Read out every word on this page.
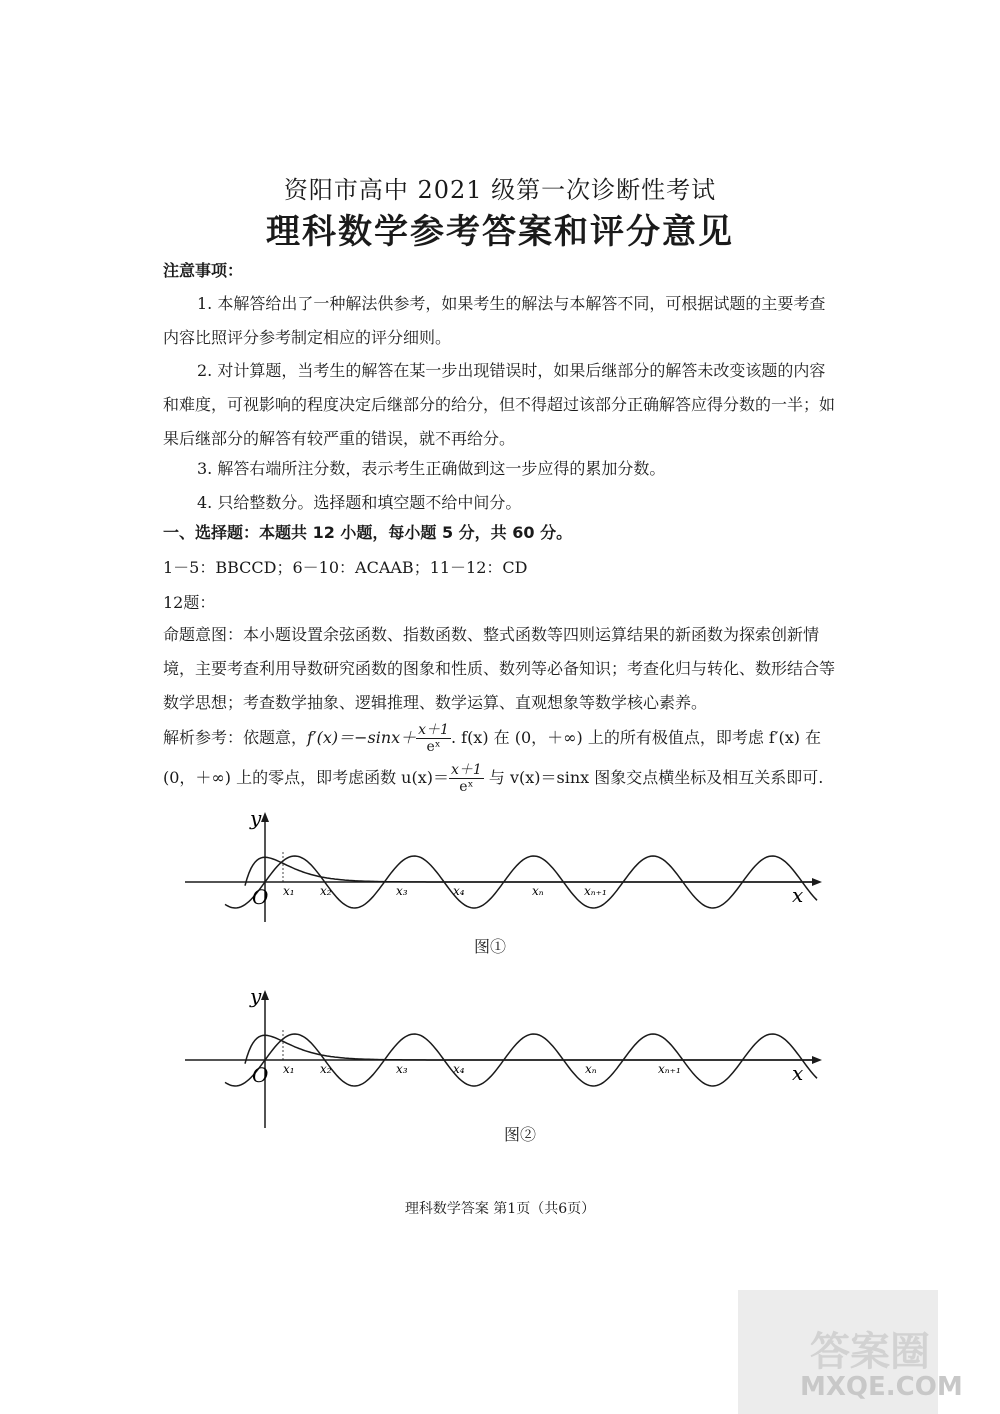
资阳市高中 2021 级第一次诊断性考试
理科数学参考答案和评分意见
注意事项：
1. 本解答给出了一种解法供参考，如果考生的解法与本解答不同，可根据试题的主要考查内容比照评分参考制定相应的评分细则。
2. 对计算题，当考生的解答在某一步出现错误时，如果后继部分的解答未改变该题的内容和难度，可视影响的程度决定后继部分的给分，但不得超过该部分正确解答应得分数的一半；如果后继部分的解答有较严重的错误，就不再给分。
3. 解答右端所注分数，表示考生正确做到这一步应得的累加分数。
4. 只给整数分。选择题和填空题不给中间分。
一、选择题：本题共 12 小题，每小题 5 分，共 60 分。
1－5：BBCCD；6－10：ACAAB；11－12：CD
12题：
命题意图：本小题设置余弦函数、指数函数、整式函数等四则运算结果的新函数为探索创新情境，主要考查利用导数研究函数的图象和性质、数列等必备知识；考查化归与转化、数形结合等数学思想；考查数学抽象、逻辑推理、数学运算、直观想象等数学核心素养。
解析参考：依题意，$f'(x)=-\sin x+ \frac{x+1}{\text{eˣ}}$ . f(x) 在 (0，＋∞) 上的所有极值点，即考虑 f′(x) 在
(0，＋∞) 上的零点，即考虑函数 $u(x)= \frac{x+1}{\text{eˣ}}$ 与 v(x)＝sinx 图象交点横坐标及相互关系即可.
y
x
O x₁ x₂	x₃	x₄	xₙ	xₙ₊₁
图①
y
x
O x₁ x₂	x₃	x₄	xₙ	xₙ₊₁
图②
理科数学答案 第1页（共6页）
答案圈
MXQE.COM
